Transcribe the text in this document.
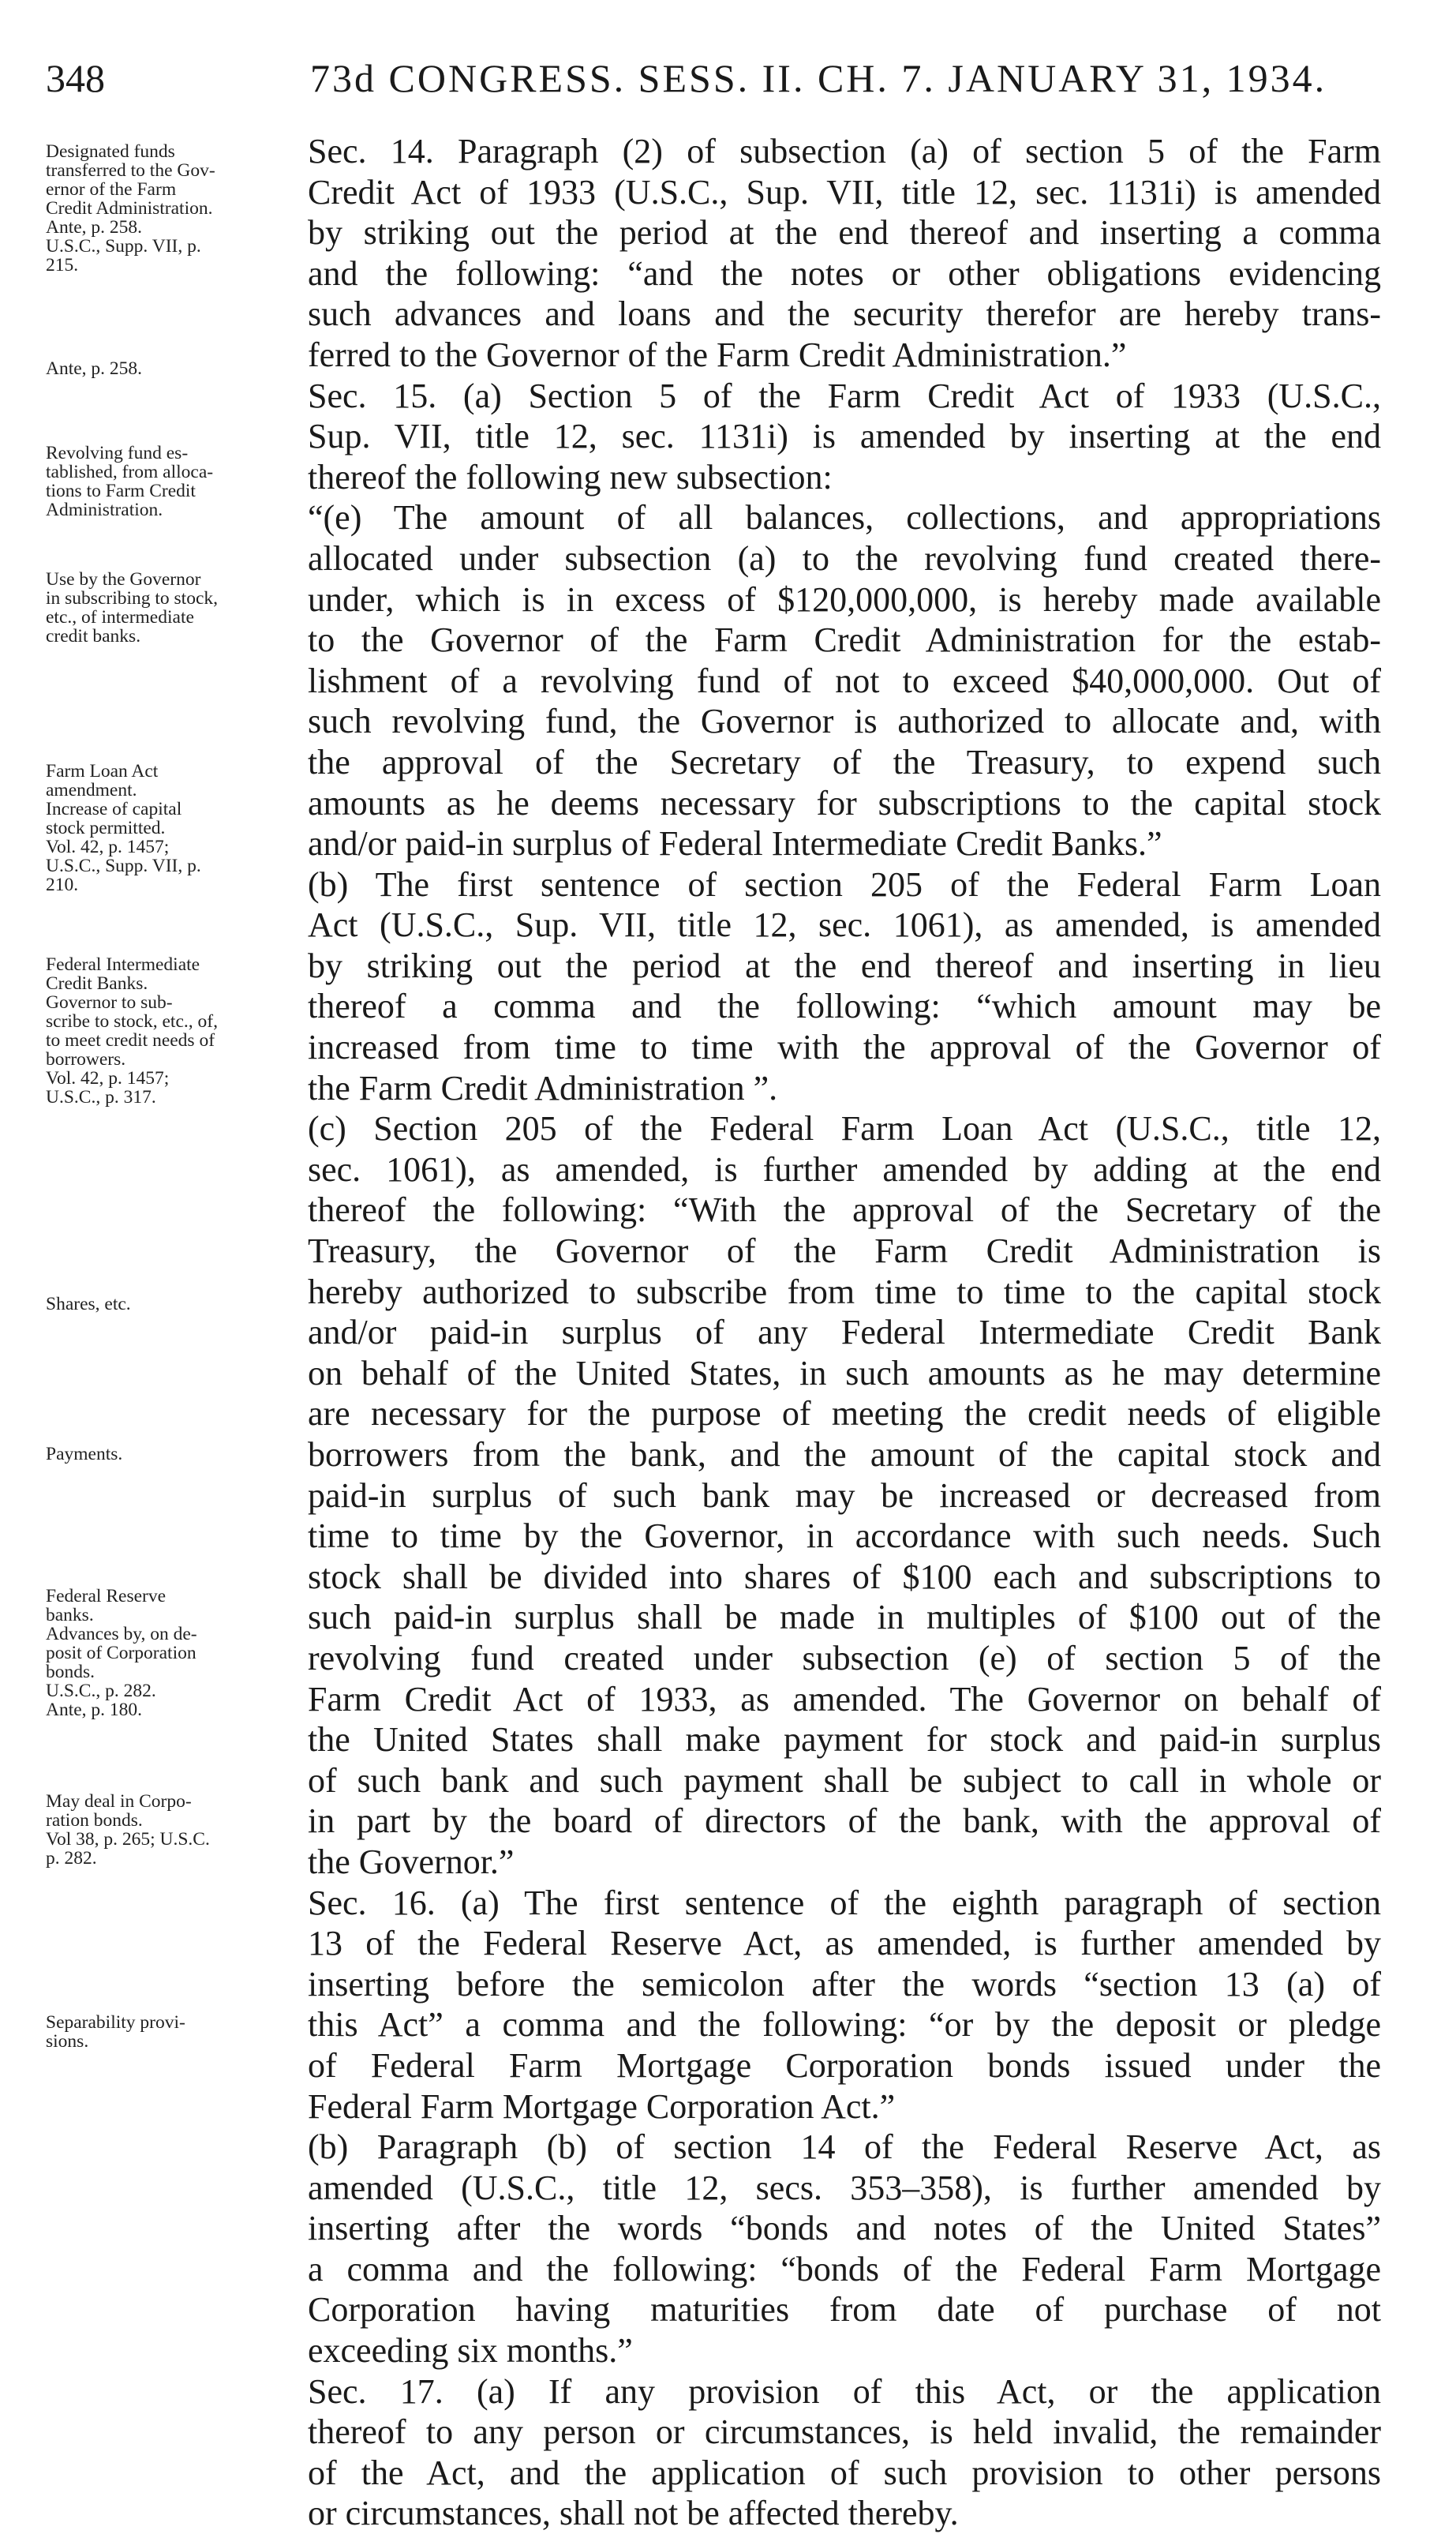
348	73d CONGRESS. SESS. II. CH. 7. JANUARY 31, 1934.
Designated funds
transferred to the Gov-
ernor of the Farm
Credit Administration.
Ante, p. 258.
U.S.C., Supp. VII, p.
215.
Ante, p. 258.
Revolving fund es-
tablished, from alloca-
tions to Farm Credit
Administration.
Use by the Governor
in subscribing to stock,
etc., of intermediate
credit banks.
Farm Loan Act
amendment.
Increase of capital
stock permitted.
Vol. 42, p. 1457;
U.S.C., Supp. VII, p.
210.
Federal Intermediate
Credit Banks.
Governor to sub-
scribe to stock, etc., of,
to meet credit needs of
borrowers.
Vol. 42, p. 1457;
U.S.C., p. 317.
Shares, etc.
Payments.
Federal Reserve
banks.
Advances by, on de-
posit of Corporation
bonds.
U.S.C., p. 282.
Ante, p. 180.
May deal in Corpo-
ration bonds.
Vol 38, p. 265; U.S.C.
p. 282.
Separability provi-
sions.
Sec. 14. Paragraph (2) of subsection (a) of section 5 of the Farm
Credit Act of 1933 (U.S.C., Sup. VII, title 12, sec. 1131i) is amended
by striking out the period at the end thereof and inserting a comma
and the following: “and the notes or other obligations evidencing
such advances and loans and the security therefor are hereby trans-
ferred to the Governor of the Farm Credit Administration.”
Sec. 15. (a) Section 5 of the Farm Credit Act of 1933 (U.S.C.,
Sup. VII, title 12, sec. 1131i) is amended by inserting at the end
thereof the following new subsection:
“(e) The amount of all balances, collections, and appropriations
allocated under subsection (a) to the revolving fund created there-
under, which is in excess of $120,000,000, is hereby made available
to the Governor of the Farm Credit Administration for the estab-
lishment of a revolving fund of not to exceed $40,000,000. Out of
such revolving fund, the Governor is authorized to allocate and, with
the approval of the Secretary of the Treasury, to expend such
amounts as he deems necessary for subscriptions to the capital stock
and/or paid-in surplus of Federal Intermediate Credit Banks.”
(b) The first sentence of section 205 of the Federal Farm Loan
Act (U.S.C., Sup. VII, title 12, sec. 1061), as amended, is amended
by striking out the period at the end thereof and inserting in lieu
thereof a comma and the following: “which amount may be
increased from time to time with the approval of the Governor of
the Farm Credit Administration ”.
(c) Section 205 of the Federal Farm Loan Act (U.S.C., title 12,
sec. 1061), as amended, is further amended by adding at the end
thereof the following: “With the approval of the Secretary of the
Treasury, the Governor of the Farm Credit Administration is
hereby authorized to subscribe from time to time to the capital stock
and/or paid-in surplus of any Federal Intermediate Credit Bank
on behalf of the United States, in such amounts as he may determine
are necessary for the purpose of meeting the credit needs of eligible
borrowers from the bank, and the amount of the capital stock and
paid-in surplus of such bank may be increased or decreased from
time to time by the Governor, in accordance with such needs. Such
stock shall be divided into shares of $100 each and subscriptions to
such paid-in surplus shall be made in multiples of $100 out of the
revolving fund created under subsection (e) of section 5 of the
Farm Credit Act of 1933, as amended. The Governor on behalf of
the United States shall make payment for stock and paid-in surplus
of such bank and such payment shall be subject to call in whole or
in part by the board of directors of the bank, with the approval of
the Governor.”
Sec. 16. (a) The first sentence of the eighth paragraph of section
13 of the Federal Reserve Act, as amended, is further amended by
inserting before the semicolon after the words “section 13 (a) of
this Act” a comma and the following: “or by the deposit or pledge
of Federal Farm Mortgage Corporation bonds issued under the
Federal Farm Mortgage Corporation Act.”
(b) Paragraph (b) of section 14 of the Federal Reserve Act, as
amended (U.S.C., title 12, secs. 353–358), is further amended by
inserting after the words “bonds and notes of the United States”
a comma and the following: “bonds of the Federal Farm Mortgage
Corporation having maturities from date of purchase of not
exceeding six months.”
Sec. 17. (a) If any provision of this Act, or the application
thereof to any person or circumstances, is held invalid, the remainder
of the Act, and the application of such provision to other persons
or circumstances, shall not be affected thereby.
